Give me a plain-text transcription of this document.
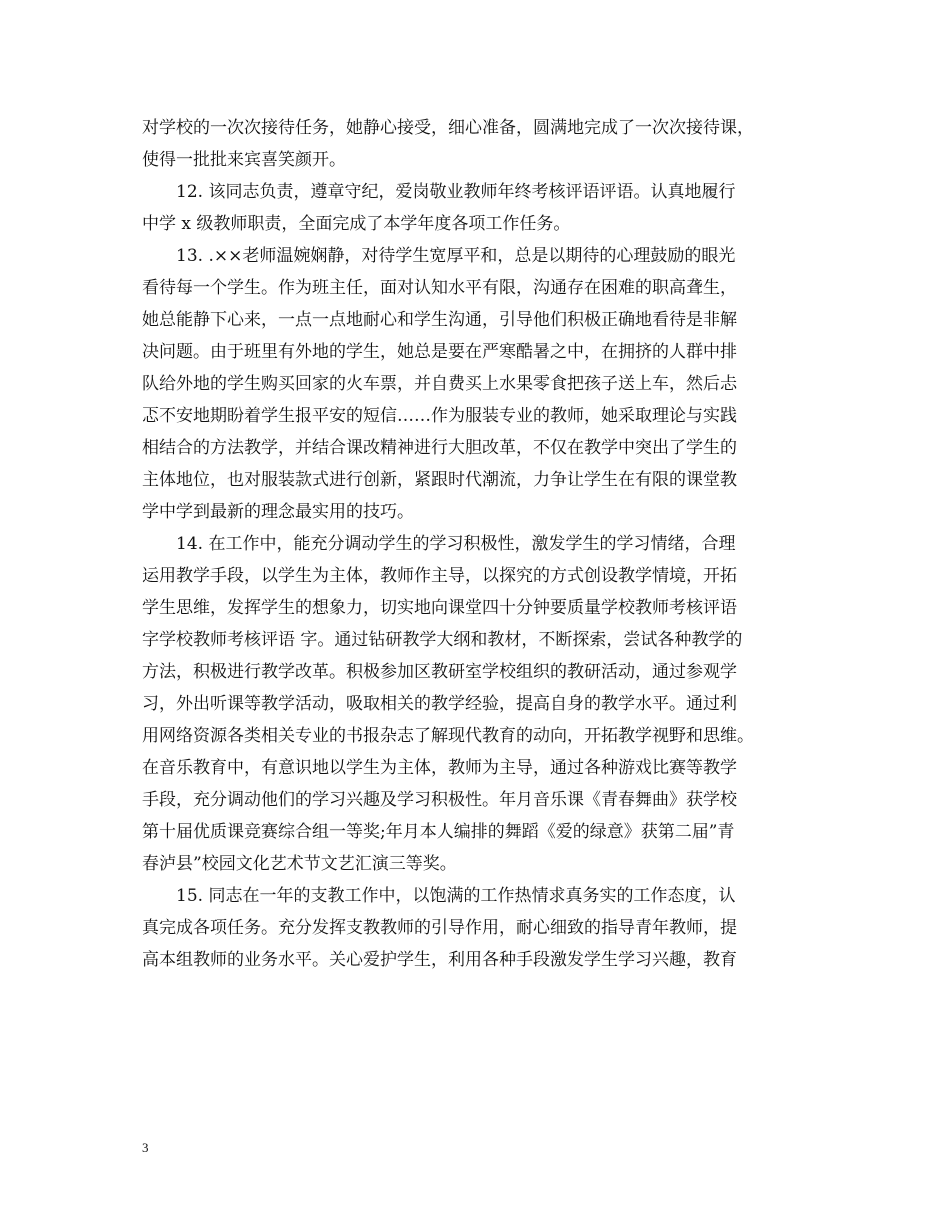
对学校的一次次接待任务，她静心接受，细心准备，圆满地完成了一次次接待课，
使得一批批来宾喜笑颜开。
12. 该同志负责，遵章守纪，爱岗敬业教师年终考核评语评语。认真地履行
中学 x 级教师职责，全面完成了本学年度各项工作任务。
13. .××老师温婉娴静，对待学生宽厚平和，总是以期待的心理鼓励的眼光
看待每一个学生。作为班主任，面对认知水平有限，沟通存在困难的职高聋生，
她总能静下心来，一点一点地耐心和学生沟通，引导他们积极正确地看待是非解
决问题。由于班里有外地的学生，她总是要在严寒酷暑之中，在拥挤的人群中排
队给外地的学生购买回家的火车票，并自费买上水果零食把孩子送上车，然后忐
忑不安地期盼着学生报平安的短信……作为服装专业的教师，她采取理论与实践
相结合的方法教学，并结合课改精神进行大胆改革，不仅在教学中突出了学生的
主体地位，也对服装款式进行创新，紧跟时代潮流，力争让学生在有限的课堂教
学中学到最新的理念最实用的技巧。
14. 在工作中，能充分调动学生的学习积极性，激发学生的学习情绪，合理
运用教学手段，以学生为主体，教师作主导，以探究的方式创设教学情境，开拓
学生思维，发挥学生的想象力，切实地向课堂四十分钟要质量学校教师考核评语
字学校教师考核评语 字。通过钻研教学大纲和教材，不断探索，尝试各种教学的
方法，积极进行教学改革。积极参加区教研室学校组织的教研活动，通过参观学
习，外出听课等教学活动，吸取相关的教学经验，提高自身的教学水平。通过利
用网络资源各类相关专业的书报杂志了解现代教育的动向，开拓教学视野和思维。
在音乐教育中，有意识地以学生为主体，教师为主导，通过各种游戏比赛等教学
手段，充分调动他们的学习兴趣及学习积极性。年月音乐课《青春舞曲》获学校
第十届优质课竞赛综合组一等奖;年月本人编排的舞蹈《爱的绿意》获第二届”青
春泸县”校园文化艺术节文艺汇演三等奖。
15. 同志在一年的支教工作中，以饱满的工作热情求真务实的工作态度，认
真完成各项任务。充分发挥支教教师的引导作用，耐心细致的指导青年教师，提
高本组教师的业务水平。关心爱护学生，利用各种手段激发学生学习兴趣，教育
3
